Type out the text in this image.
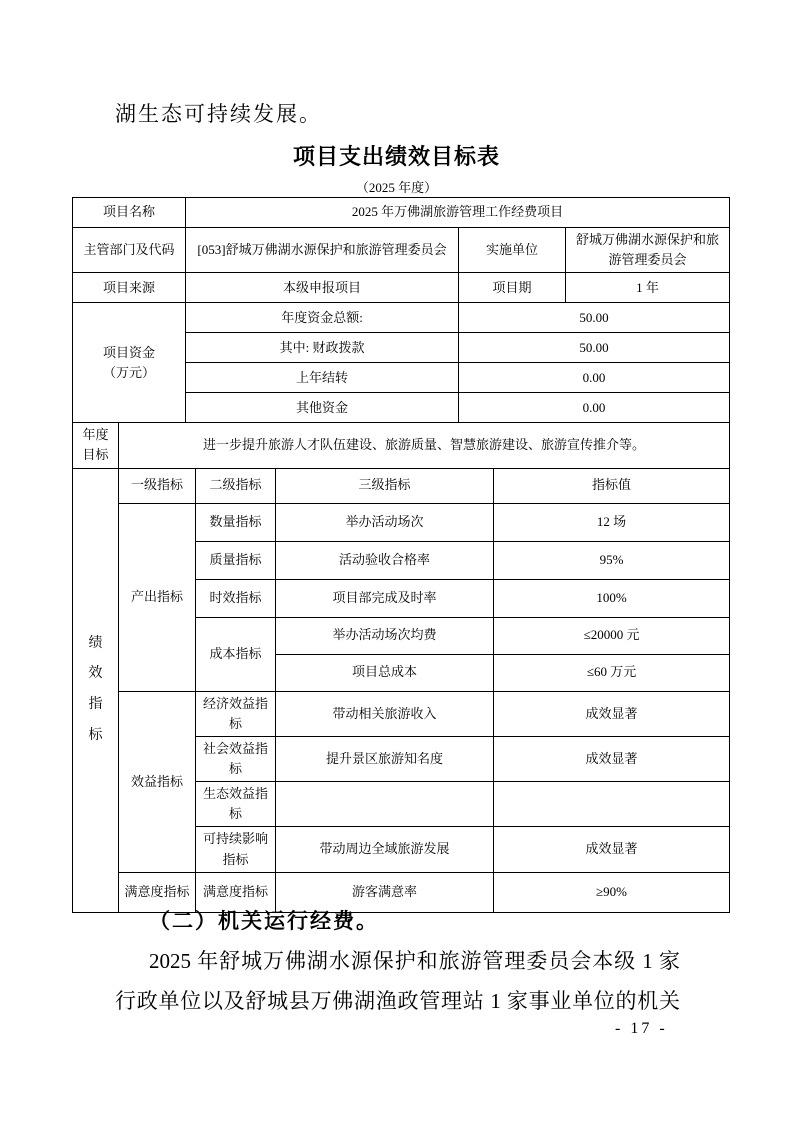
湖生态可持续发展。
项目支出绩效目标表
（2025 年度）
项目名称		2025 年万佛湖旅游管理工作经费项目					
主管部门及代码		[053]舒城万佛湖水源保护和旅游管理委员会			实施单位		舒城万佛湖水源保护和旅游管理委员会
项目来源		本级申报项目			项目期		1 年
项目资金
（万元）		年度资金总额:			50.00		
		其中: 财政拨款			50.00		
		上年结转			0.00		
		其他资金			0.00		
年度目标	进一步提升旅游人才队伍建设、旅游质量、智慧旅游建设、旅游宣传推介等。						
绩效指标	一级指标		二级指标	三级指标		指标值	
	产出指标		数量指标	举办活动场次		12 场	
			质量指标	活动验收合格率		95%	
			时效指标	项目部完成及时率		100%	
			成本指标	举办活动场次均费		≤20000 元	
				项目总成本		≤60 万元	
	效益指标		经济效益指标	带动相关旅游收入		成效显著	
			社会效益指标	提升景区旅游知名度		成效显著	
			生态效益指标				
			可持续影响指标	带动周边全域旅游发展		成效显著	
	满意度指标		满意度指标	游客满意率		≥90%	
（二）机关运行经费。
2025 年舒城万佛湖水源保护和旅游管理委员会本级 1 家
行政单位以及舒城县万佛湖渔政管理站 1 家事业单位的机关
- 17 -
